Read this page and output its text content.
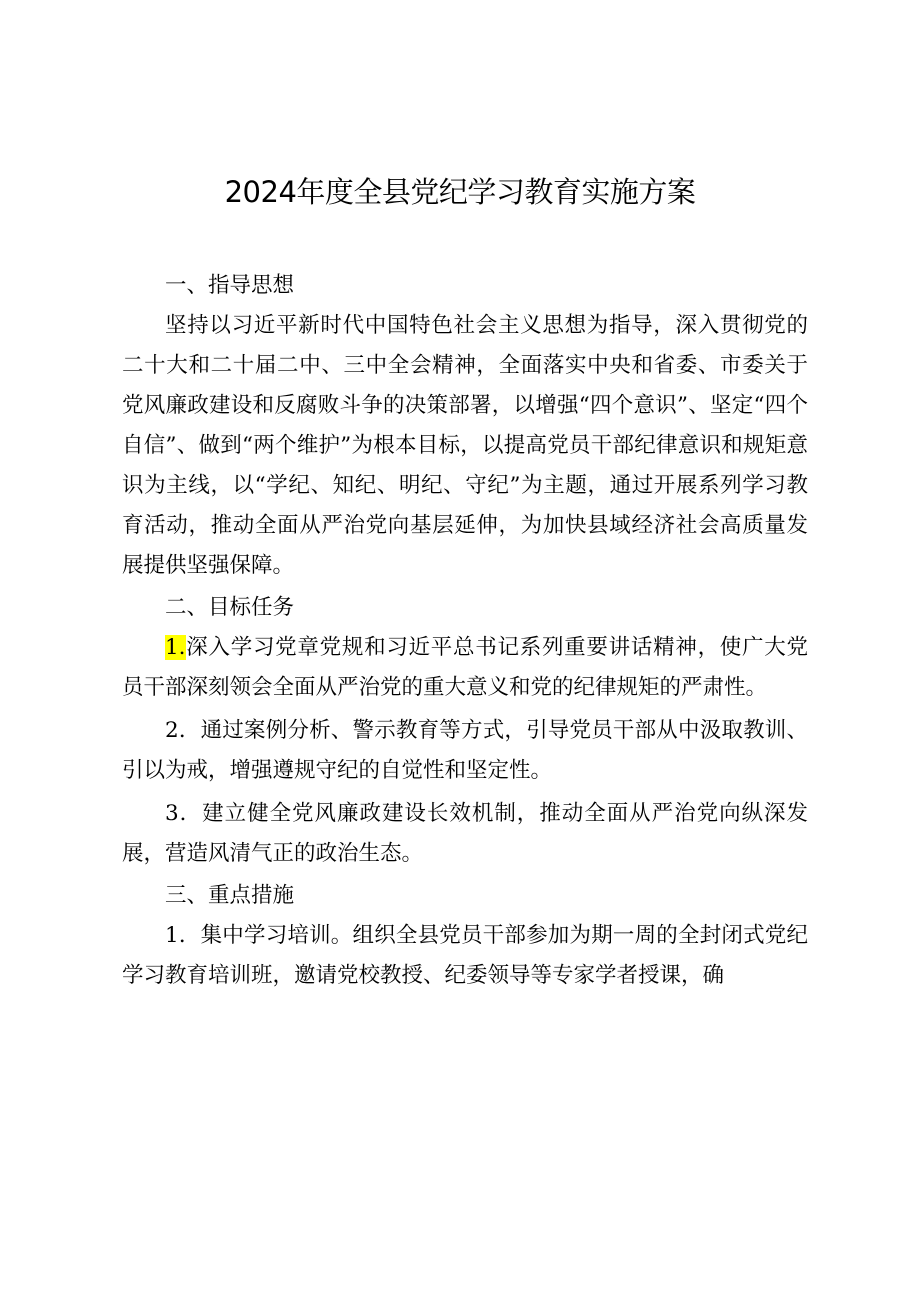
2024年度全县党纪学习教育实施方案
一、指导思想

坚持以习近平新时代中国特色社会主义思想为指导，深入贯彻党的二十大和二十届二中、三中全会精神，全面落实中央和省委、市委关于党风廉政建设和反腐败斗争的决策部署，以增强“四个意识”、坚定“四个自信”、做到“两个维护”为根本目标，以提高党员干部纪律意识和规矩意识为主线，以“学纪、知纪、明纪、守纪”为主题，通过开展系列学习教育活动，推动全面从严治党向基层延伸，为加快县域经济社会高质量发展提供坚强保障。

二、目标任务

1.深入学习党章党规和习近平总书记系列重要讲话精神，使广大党员干部深刻领会全面从严治党的重大意义和党的纪律规矩的严肃性。

2．通过案例分析、警示教育等方式，引导党员干部从中汲取教训、引以为戒，增强遵规守纪的自觉性和坚定性。

3．建立健全党风廉政建设长效机制，推动全面从严治党向纵深发展，营造风清气正的政治生态。

三、重点措施

1．集中学习培训。组织全县党员干部参加为期一周的全封闭式党纪学习教育培训班，邀请党校教授、纪委领导等专家学者授课，确
